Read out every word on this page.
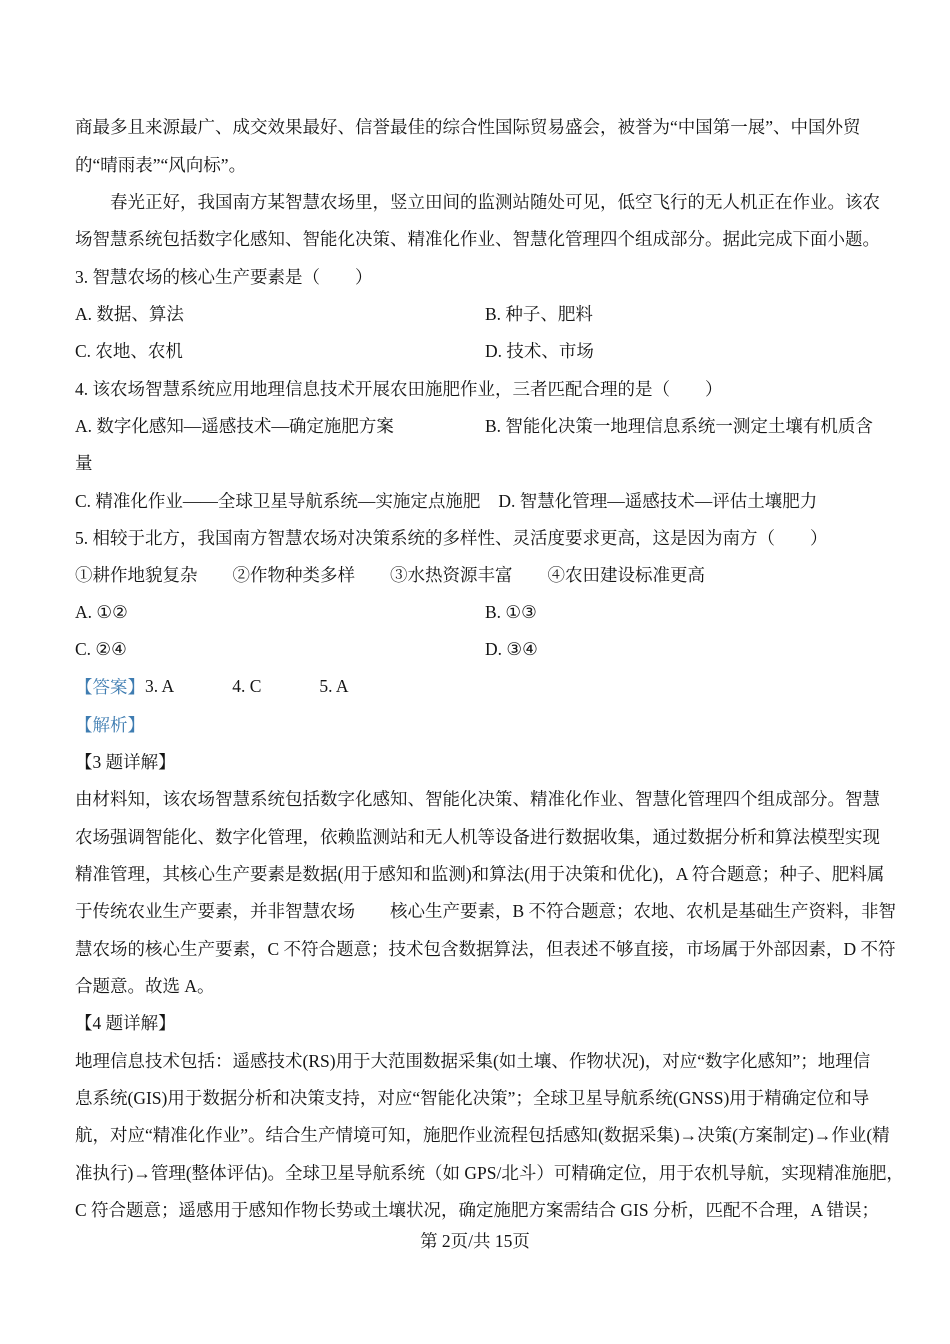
商最多且来源最广、成交效果最好、信誉最佳的综合性国际贸易盛会，被誉为“中国第一展”、中国外贸
的“晴雨表”“风向标”。
春光正好，我国南方某智慧农场里，竖立田间的监测站随处可见，低空飞行的无人机正在作业。该农
场智慧系统包括数字化感知、智能化决策、精准化作业、智慧化管理四个组成部分。据此完成下面小题。
3. 智慧农场的核心生产要素是（　　）
A. 数据、算法	B. 种子、肥料
C. 农地、农机	D. 技术、市场
4. 该农场智慧系统应用地理信息技术开展农田施肥作业，三者匹配合理的是（　　）
A. 数字化感知—遥感技术—确定施肥方案	B. 智能化决策一地理信息系统一测定土壤有机质含
量
C. 精准化作业——全球卫星导航系统—实施定点施肥 D. 智慧化管理—遥感技术—评估土壤肥力
5. 相较于北方，我国南方智慧农场对决策系统的多样性、灵活度要求更高，这是因为南方（　　）
①耕作地貌复杂　　②作物种类多样　　③水热资源丰富　　④农田建设标准更高
A. ①②	B. ①③
C. ②④	D. ③④
【答案】 3. A	4. C	5. A
【解析】
【3 题详解】
由材料知，该农场智慧系统包括数字化感知、智能化决策、精准化作业、智慧化管理四个组成部分。智慧
农场强调智能化、数字化管理，依赖监测站和无人机等设备进行数据收集，通过数据分析和算法模型实现
精准管理，其核心生产要素是数据(用于感知和监测)和算法(用于决策和优化)，A 符合题意；种子、肥料属
于传统农业生产要素，并非智慧农场　　核心生产要素，B 不符合题意；农地、农机是基础生产资料，非智
慧农场的核心生产要素，C 不符合题意；技术包含数据算法，但表述不够直接，市场属于外部因素，D 不符
合题意。故选 A。
【4 题详解】
地理信息技术包括：遥感技术(RS)用于大范围数据采集(如土壤、作物状况)，对应“数字化感知”；地理信
息系统(GIS)用于数据分析和决策支持，对应“智能化决策”；全球卫星导航系统(GNSS)用于精确定位和导
航，对应“精准化作业”。结合生产情境可知，施肥作业流程包括感知(数据采集)→决策(方案制定)→作业(精
准执行)→管理(整体评估)。全球卫星导航系统（如 GPS/北斗）可精确定位，用于农机导航，实现精准施肥，
C 符合题意；遥感用于感知作物长势或土壤状况，确定施肥方案需结合 GIS 分析，匹配不合理，A 错误；
第 2页/共 15页
